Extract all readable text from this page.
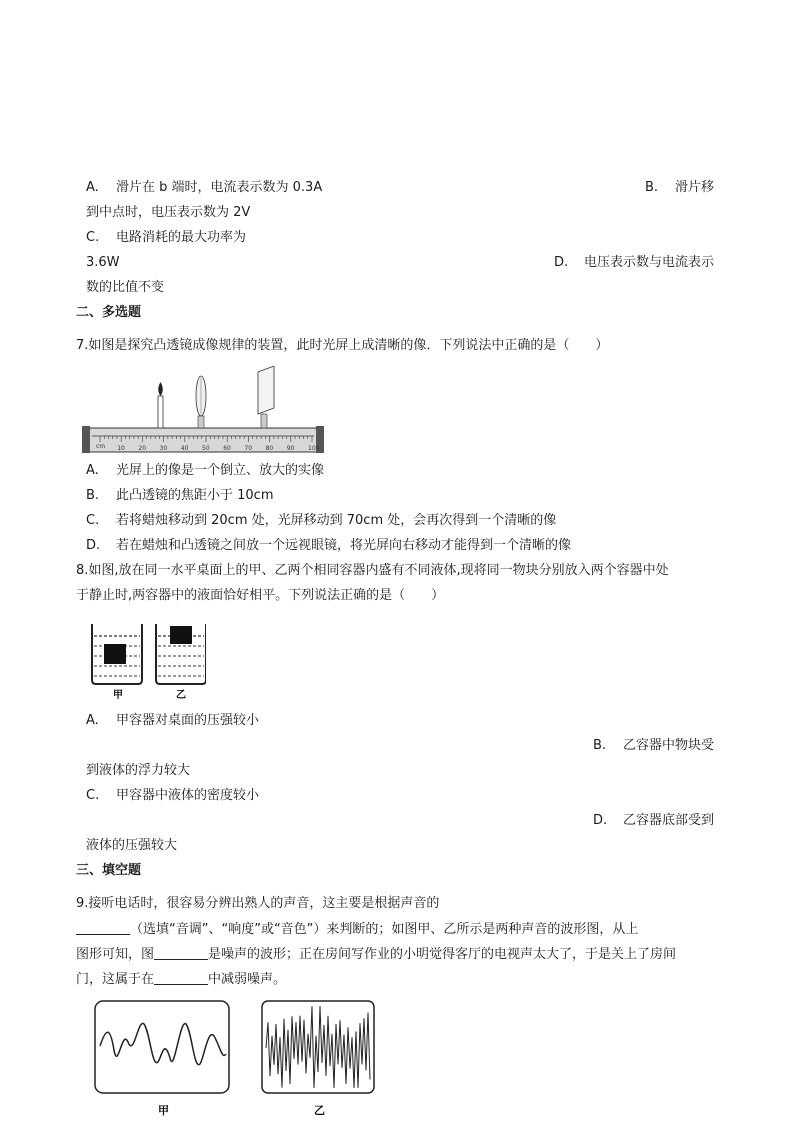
A. 滑片在 b 端时，电流表示数为 0.3A	B. 滑片移
到中点时，电压表示数为 2V
C. 电路消耗的最大功率为
3.6W	D. 电压表示数与电流表示
数的比值不变
二、多选题
7.如图是探究凸透镜成像规律的装置，此时光屏上成清晰的像．下列说法中正确的是（　　）
10 20 30 40 50 60 70 80 90 100
cm
A. 光屏上的像是一个倒立、放大的实像
B. 此凸透镜的焦距小于 10cm
C. 若将蜡烛移动到 20cm 处，光屏移动到 70cm 处，会再次得到一个清晰的像
D. 若在蜡烛和凸透镜之间放一个远视眼镜，将光屏向右移动才能得到一个清晰的像
8.如图,放在同一水平桌面上的甲、乙两个相同容器内盛有不同液体,现将同一物块分别放入两个容器中处
于静止时,两容器中的液面恰好相平。下列说法正确的是（　　）
甲	乙
A. 甲容器对桌面的压强较小
B. 乙容器中物块受
到液体的浮力较大
C. 甲容器中液体的密度较小
D. 乙容器底部受到
液体的压强较大
三、填空题
9.接听电话时，很容易分辨出熟人的声音，这主要是根据声音的
（选填“音调”、“响度”或“音色”）来判断的；如图甲、乙所示是两种声音的波形图，从上
图形可知，图	是噪声的波形；正在房间写作业的小明觉得客厅的电视声太大了，于是关上了房间
门，这属于在	中减弱噪声。
甲	乙
